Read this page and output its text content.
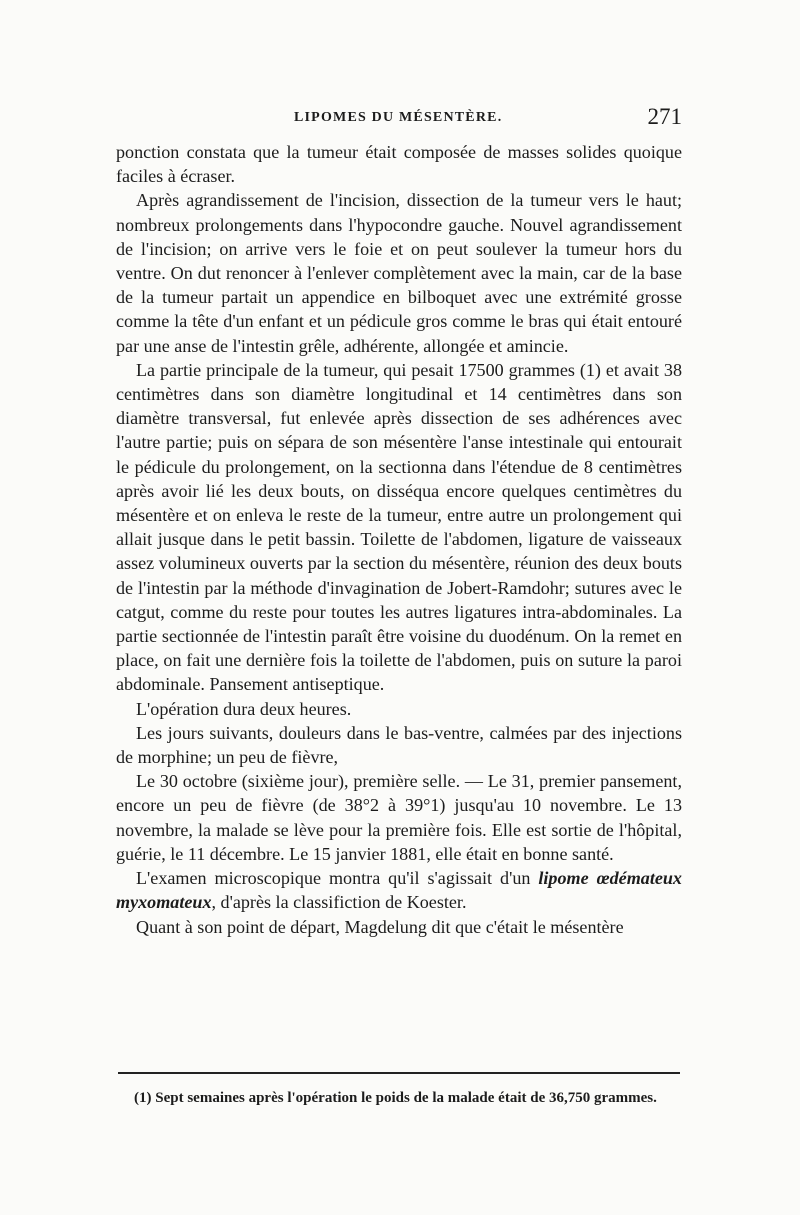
LIPOMES DU MÉSENTÈRE.	271

ponction constata que la tumeur était composée de masses solides quoique faciles à écraser.

Après agrandissement de l'incision, dissection de la tumeur vers le haut; nombreux prolongements dans l'hypocondre gauche. Nouvel agrandissement de l'incision; on arrive vers le foie et on peut soulever la tumeur hors du ventre. On dut renoncer à l'enlever complètement avec la main, car de la base de la tumeur partait un appendice en bilboquet avec une extrémité grosse comme la tête d'un enfant et un pédicule gros comme le bras qui était entouré par une anse de l'intestin grêle, adhérente, allongée et amincie.

La partie principale de la tumeur, qui pesait 17500 grammes (1) et avait 38 centimètres dans son diamètre longitudinal et 14 centimètres dans son diamètre transversal, fut enlevée après dissection de ses adhérences avec l'autre partie; puis on sépara de son mésentère l'anse intestinale qui entourait le pédicule du prolongement, on la sectionna dans l'étendue de 8 centimètres après avoir lié les deux bouts, on disséqua encore quelques centimètres du mésentère et on enleva le reste de la tumeur, entre autre un prolongement qui allait jusque dans le petit bassin. Toilette de l'abdomen, ligature de vaisseaux assez volumineux ouverts par la section du mésentère, réunion des deux bouts de l'intestin par la méthode d'invagination de Jobert-Ramdohr; sutures avec le catgut, comme du reste pour toutes les autres ligatures intra-abdominales. La partie sectionnée de l'intestin paraît être voisine du duodénum. On la remet en place, on fait une dernière fois la toilette de l'abdomen, puis on suture la paroi abdominale. Pansement antiseptique.

L'opération dura deux heures.

Les jours suivants, douleurs dans le bas-ventre, calmées par des injections de morphine; un peu de fièvre,

Le 30 octobre (sixième jour), première selle. — Le 31, premier pansement, encore un peu de fièvre (de 38°2 à 39°1) jusqu'au 10 novembre. Le 13 novembre, la malade se lève pour la première fois. Elle est sortie de l'hôpital, guérie, le 11 décembre. Le 15 janvier 1881, elle était en bonne santé.

L'examen microscopique montra qu'il s'agissait d'un lipome œdémateux myxomateux, d'après la classifiction de Koester.

Quant à son point de départ, Magdelung dit que c'était le mésentère

(1) Sept semaines après l'opération le poids de la malade était de 36,750 grammes.
